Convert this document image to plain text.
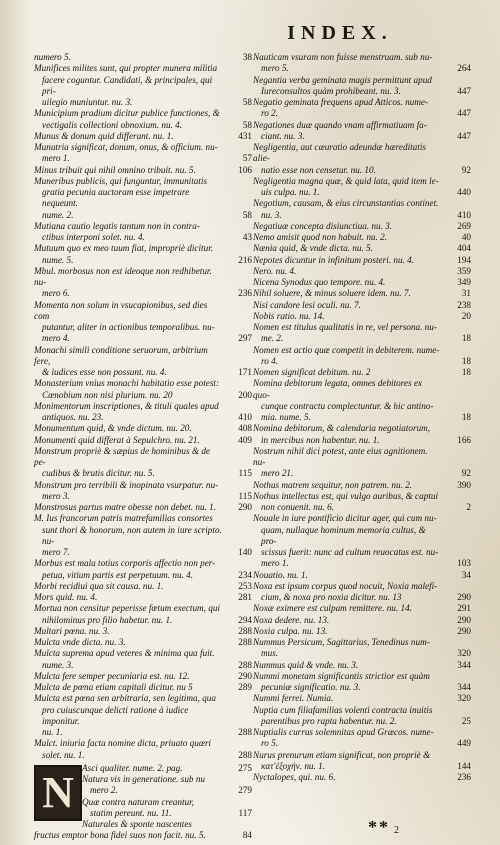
INDEX.
numero 5.	38
Munifices milites sunt, qui propter munera militia
facere coguntur. Candidati, & principales, qui pri-
uilegio muniuntur. nu. 3.	58
Municipium pradium dicitur publice functiones, &
vectigalis collectioni obnoxium. nu. 4.	58
Munus & donum quid differant. nu. 1.	431
Munutria significat, donum, onus, & officium. nu-
mero 1.	57
Minus tribuit qui nihil omnino tribuit. nu. 5.	106
Muneribus publicis, qui funguntur, immunitatis
gratia pecunia auctoram esse impetrare nequeunt.
nume. 2.	58
Mutiana cautio legatis tantum non in contra-
ctibus interponi solet. nu. 4.	43
Mutuum quo ex meo tuum fiat, impropriè dicitur.
nume. 5.	216
Mbul. morbosus non est ideoque non redhibetur. nu-
mero 6.	236
Momenta non solum in vsucapionibus, sed dies com
putantur, aliter in actionibus temporalibus. nu-
mero 4.	297
Monachi simili conditione seruorum, arbitrium fere,
& iudices esse non possunt. nu. 4.	171
Monasterium vnius monachi habitatio esse potest:
Cœnobium non nisi plurium. nu. 20	200
Monimentorum inscriptiones, & tituli quales apud
antiquos. nu. 23.	410
Monumentum quid, & vnde dictum. nu. 20.	408
Monumenti quid differat à Sepulchro. nu. 21.	409
Monstrum propriè & sæpius de hominibus & de pe-
cudibus & brutis dicitur. nu. 5.	115
Monstrum pro terribili & inopinata vsurpatur. nu-
mero 3.	115
Monstrosus partus matre obesse non debet. nu. 1.	290
M. Ius francorum patris matrefamilias consortes
sunt thori & honorum, non autem in iure scripto. nu-
mero 7.	140
Morbus est mala totius corporis affectio non per-
petua, vitium partis est perpetuum. nu. 4.	234
Morbi recidiui qua sit causa. nu. 1.	253
Mors quid. nu. 4.	281
Mortua non censitur peperisse fœtum exectum, qui
nihilominus pro filio habetur. nu. 1.	294
Multari pœna. nu. 3.	288
Mulcta vnde dicta. nu. 3.	288
Mulcta suprema apud veteres & minima qua fuit.
nume. 3.	288
Mulcta fere semper pecuniaria est. nu. 12.	290
Mulcta de pœna etiam capitali dicitur. nu 5	289
Mulcta est pœna sen arbitraria, sen legitima, qua
pro cuiuscunque delicti ratione à iudice imponitur.
nu. 1.	288
Mulct. iniuria facta nomine dicta, priuato quæri
solet. nu. 1.	288
N Asci qualiter. nume. 2. pag.	275
Natura vis in generatione. sub nu
mero 2.	279
Quæ contra naturam creantur,
statim pereunt. nu. 11.	117
Naturales & sponte nascentes
fructus emptor bona fidei suos non facit. nu. 5.	84
Nauticam vsuram non fuisse menstruam. sub nu-
mero 5.	264
Negantia verba geminata magis permittunt apud
Iureconsultos quàm prohibeant. nu. 3.	447
Negatio geminata frequens apud Atticos. nume-
ro 2.	447
Negationes duæ quando vnam affirmatiuam fa-
ciant. nu. 3.	447
Negligentia, aut cæuratio adeundæ hæreditatis alie-
natio esse non censetur. nu. 10.	92
Negligentia magna quæ, & quid lata, quid item le-
uis culpa. nu. 1.	440
Negotium, causam, & eius circunstantias continet.
nu. 3.	410
Negatiuæ concepta disiunctiua. nu. 3.	269
Nemo amisit quod non habuit. nu. 2.	40
Nænia quid, & vnde dicta. nu. 5.	404
Nepotes dicuntur in infinitum posteri. nu. 4.	194
Nero. nu. 4.	359
Nicena Synodus quo tempore. nu. 4.	349
Nihil soluere, & minus soluere idem. nu. 7.	31
Nisi candore lesi oculi. nu. 7.	238
Nobis ratio. nu. 14.	20
Nomen est titulus qualitatis in re, vel persona. nu-
me. 2.	18
Nomen est actio quæ competit in debiterem. nume-
ro 4.	18
Nomen significat debitum. nu. 2	18
Nomina debitorum legata, omnes debitores ex quo-
cunque contractu complectuntur. & hic antino-
mia. nume. 5.	18
Nomina debitorum, & calendaria negotiatorum,
in mercibus non habentur. nu. 1.	166
Nostrum nihil dici potest, ante eius agnitionem. nu-
mero 21.	92
Nothus matrem sequitur, non patrem. nu. 2.	390
Nothus intellectus est, qui vulgo auribus, & captui
non conuenit. nu. 6.	2
Nouale in iure pontificio dicitur ager, qui cum nu-
quam, nullaque hominum memoria cultus, & pro-
scissus fuerit: nunc ad cultum reuocatus est. nu-
mero 1.	103
Nouatio. nu. 1.	34
Noxa est ipsum corpus quod nocuit, Noxia malefi-
cium, & noxa pro noxia dicitur. nu. 13	290
Noxæ eximere est culpam remittere. nu. 14.	291
Noxa dedere. nu. 13.	290
Noxia culpa. nu. 13.	290
Nummus Persicum, Sagittarius, Tenedinus num-
mus.	320
Nummus quid & vnde. nu. 3.	344
Nummi monetam significantis strictior est quàm
pecuniæ significatio. nu. 3.	344
Nummi ferrei. Numia.	320
Nuptia cum filiafamilias volenti contracta inuitis
parentibus pro rapta habentur. nu. 2.	25
Nuptialis currus solemnitas apud Græcos. nume-
ro 5.	449
Nurus prenurum etiam significat, non propriè &
κατ'ἐξοχήν. nu. 1.	144
Nyctalopes, qui. nu. 6.	236
** 2
